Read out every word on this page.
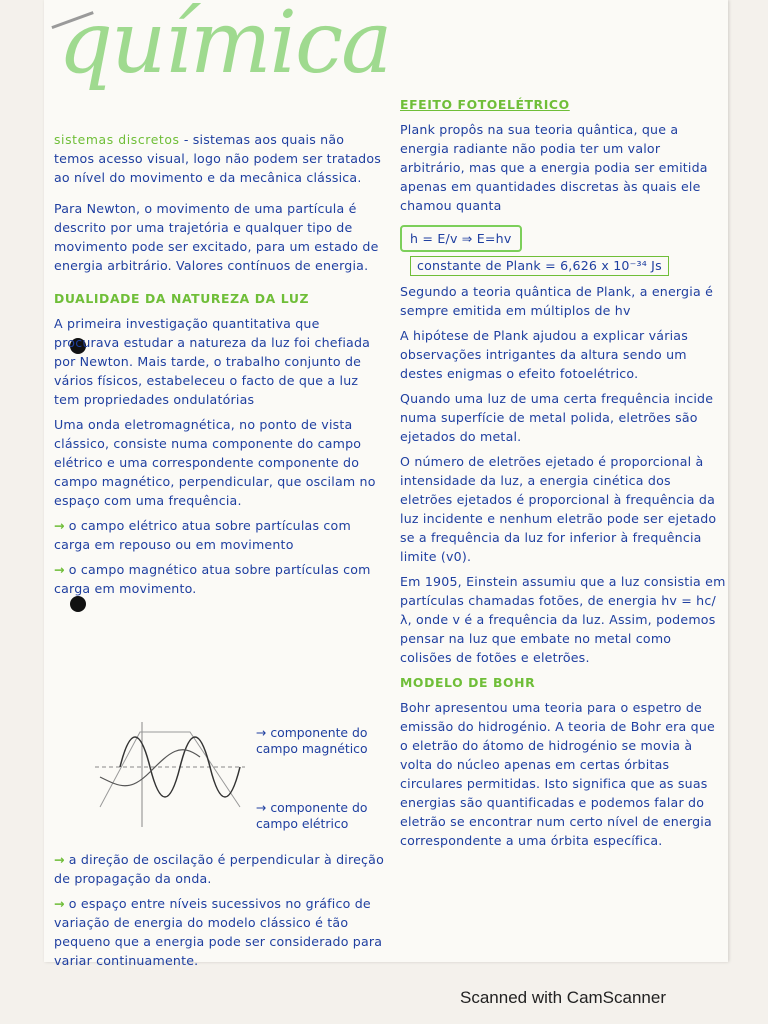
química

sistemas discretos - sistemas aos quais não temos acesso visual, logo não podem ser tratados ao nível do movimento e da mecânica clássica.

Para Newton, o movimento de uma partícula é descrito por uma trajetória e qualquer tipo de movimento pode ser excitado, para um estado de energia arbitrário. Valores contínuos de energia.

DUALIDADE DA NATUREZA DA LUZ

A primeira investigação quantitativa que procurava estudar a natureza da luz foi chefiada por Newton. Mais tarde, o trabalho conjunto de vários físicos, estabeleceu o facto de que a luz tem propriedades ondulatórias

Uma onda eletromagnética, no ponto de vista clássico, consiste numa componente do campo elétrico e uma correspondente componente do campo magnético, perpendicular, que oscilam no espaço com uma frequência.

→ o campo elétrico atua sobre partículas com carga em repouso ou em movimento

→ o campo magnético atua sobre partículas com carga em movimento.

→ componente do campo magnético
→ componente do campo elétrico

→ a direção de oscilação é perpendicular à direção de propagação da onda.

→ o espaço entre níveis sucessivos no gráfico de variação de energia do modelo clássico é tão pequeno que a energia pode ser considerado para variar continuamente.

EFEITO FOTOELÉTRICO

Plank propôs na sua teoria quântica, que a energia radiante não podia ter um valor arbitrário, mas que a energia podia ser emitida apenas em quantidades discretas às quais ele chamou quanta

h = E/v ⇒ E=hv constante de Plank = 6,626 x 10⁻³⁴ Js

Segundo a teoria quântica de Plank, a energia é sempre emitida em múltiplos de hv

A hipótese de Plank ajudou a explicar várias observações intrigantes da altura sendo um destes enigmas o efeito fotoelétrico.

Quando uma luz de uma certa frequência incide numa superfície de metal polida, eletrões são ejetados do metal.

O número de eletrões ejetado é proporcional à intensidade da luz, a energia cinética dos eletrões ejetados é proporcional à frequência da luz incidente e nenhum eletrão pode ser ejetado se a frequência da luz for inferior à frequência limite (v0).

Em 1905, Einstein assumiu que a luz consistia em partículas chamadas fotões, de energia hv = hc/λ, onde v é a frequência da luz. Assim, podemos pensar na luz que embate no metal como colisões de fotões e eletrões.

MODELO DE BOHR

Bohr apresentou uma teoria para o espetro de emissão do hidrogénio. A teoria de Bohr era que o eletrão do átomo de hidrogénio se movia à volta do núcleo apenas em certas órbitas circulares permitidas. Isto significa que as suas energias são quantificadas e podemos falar do eletrão se encontrar num certo nível de energia correspondente a uma órbita específica.

Scanned with CamScanner
